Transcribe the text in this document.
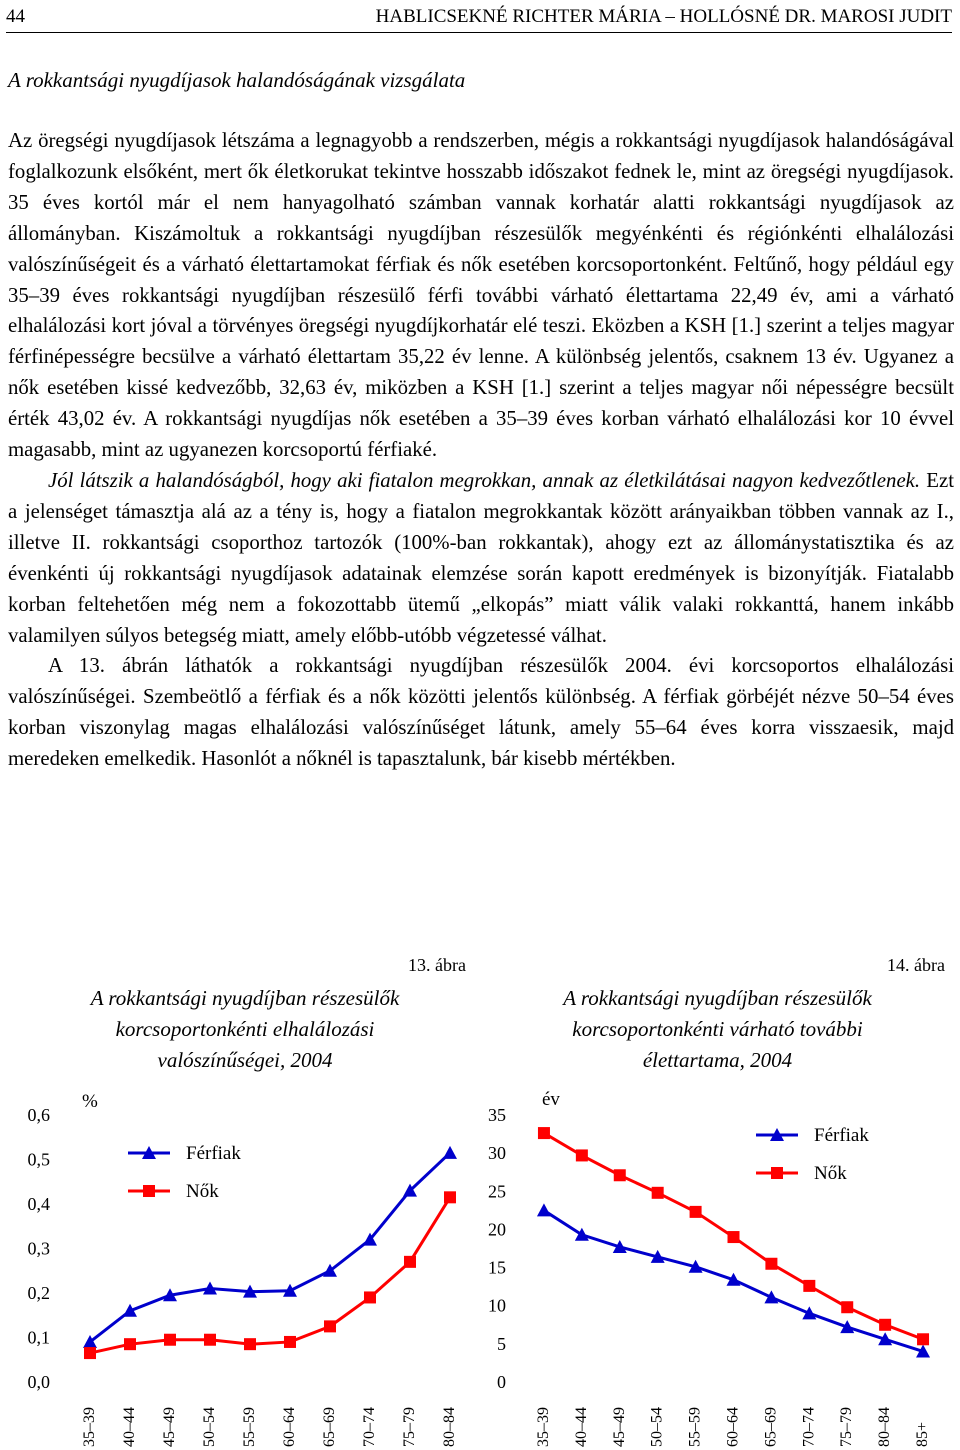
44	HABLICSEKNÉ RICHTER MÁRIA – HOLLÓSNÉ DR. MAROSI JUDIT
A rokkantsági nyugdíjasok halandóságának vizsgálata

Az öregségi nyugdíjasok létszáma a legnagyobb a rendszerben, mégis a rokkantsági nyugdíjasok halandóságával foglalkozunk elsőként, mert ők életkorukat tekintve hosszabb időszakot fednek le, mint az öregségi nyugdíjasok. 35 éves kortól már el nem hanyagolható számban vannak korhatár alatti rokkantsági nyugdíjasok az állományban. Kiszámoltuk a rokkantsági nyugdíjban részesülők megyénkénti és régiónkénti elhalálozási valószínűségeit és a várható élettartamokat férfiak és nők esetében korcsoportonként. Feltűnő, hogy például egy 35–39 éves rokkantsági nyugdíjban részesülő férfi további várható élettartama 22,49 év, ami a várható elhalálozási kort jóval a törvényes öregségi nyugdíjkorhatár elé teszi. Eközben a KSH [1.] szerint a teljes magyar férfinépességre becsülve a várható élettartam 35,22 év lenne. A különbség jelentős, csaknem 13 év. Ugyanez a nők esetében kissé kedvezőbb, 32,63 év, miközben a KSH [1.] szerint a teljes magyar női népességre becsült érték 43,02 év. A rokkantsági nyugdíjas nők esetében a 35–39 éves korban várható elhalálozási kor 10 évvel magasabb, mint az ugyanezen korcsoportú férfiaké.

Jól látszik a halandóságból, hogy aki fiatalon megrokkan, annak az életkilátásai nagyon kedvezőtlenek. Ezt a jelenséget támasztja alá az a tény is, hogy a fiatalon megrokkantak között arányaikban többen vannak az I., illetve II. rokkantsági csoporthoz tartozók (100%-ban rokkantak), ahogy ezt az állománystatisztika és az évenkénti új rokkantsági nyugdíjasok adatainak elemzése során kapott eredmények is bizonyítják. Fiatalabb korban feltehetően még nem a fokozottabb ütemű „elkopás” miatt válik valaki rokkanttá, hanem inkább valamilyen súlyos betegség miatt, amely előbb-utóbb végzetessé válhat.

A 13. ábrán láthatók a rokkantsági nyugdíjban részesülők 2004. évi korcsoportos elhalálozási valószínűségei. Szembeötlő a férfiak és a nők közötti jelentős különbség. A férfiak görbéjét nézve 50–54 éves korban viszonylag magas elhalálozási valószínűséget látunk, amely 55–64 éves korra visszaesik, majd meredeken emelkedik. Hasonlót a nőknél is tapasztalunk, bár kisebb mértékben.

13. ábra
A rokkantsági nyugdíjban részesülők
korcsoportonkénti elhalálozási
valószínűségei, 2004
14. ábra
A rokkantsági nyugdíjban részesülők
korcsoportonkénti várható további
élettartama, 2004
0,0
0,1
0,2
0,3
0,4
0,5
0,6
%
35–39 40–44 45–49 50–54 55–59 60–64 65–69 70–74 75–79 80–84
Férfiak
Nők
0
5
10
15
20
25
30
35
év
35–39 40–44 45–49 50–54 55–59 60–64 65–69 70–74 75–79 80–84 85+
Férfiak
Nők
